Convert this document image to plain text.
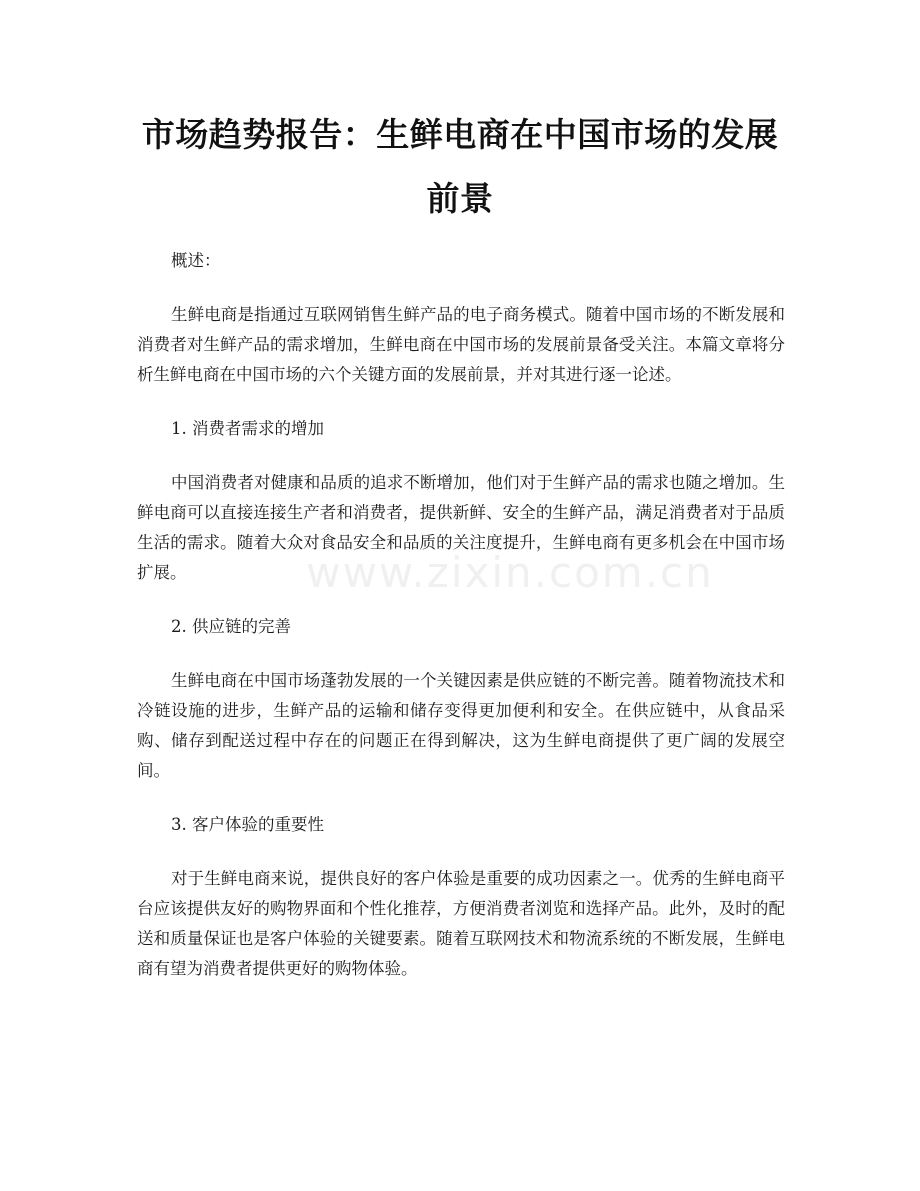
市场趋势报告：生鲜电商在中国市场的发展前景

概述：

生鲜电商是指通过互联网销售生鲜产品的电子商务模式。随着中国市场的不断发展和消费者对生鲜产品的需求增加，生鲜电商在中国市场的发展前景备受关注。本篇文章将分析生鲜电商在中国市场的六个关键方面的发展前景，并对其进行逐一论述。

1. 消费者需求的增加

中国消费者对健康和品质的追求不断增加，他们对于生鲜产品的需求也随之增加。生鲜电商可以直接连接生产者和消费者，提供新鲜、安全的生鲜产品，满足消费者对于品质生活的需求。随着大众对食品安全和品质的关注度提升，生鲜电商有更多机会在中国市场扩展。

2. 供应链的完善

生鲜电商在中国市场蓬勃发展的一个关键因素是供应链的不断完善。随着物流技术和冷链设施的进步，生鲜产品的运输和储存变得更加便利和安全。在供应链中，从食品采购、储存到配送过程中存在的问题正在得到解决，这为生鲜电商提供了更广阔的发展空间。

3. 客户体验的重要性

对于生鲜电商来说，提供良好的客户体验是重要的成功因素之一。优秀的生鲜电商平台应该提供友好的购物界面和个性化推荐，方便消费者浏览和选择产品。此外，及时的配送和质量保证也是客户体验的关键要素。随着互联网技术和物流系统的不断发展，生鲜电商有望为消费者提供更好的购物体验。

www.zixin.com.cn
